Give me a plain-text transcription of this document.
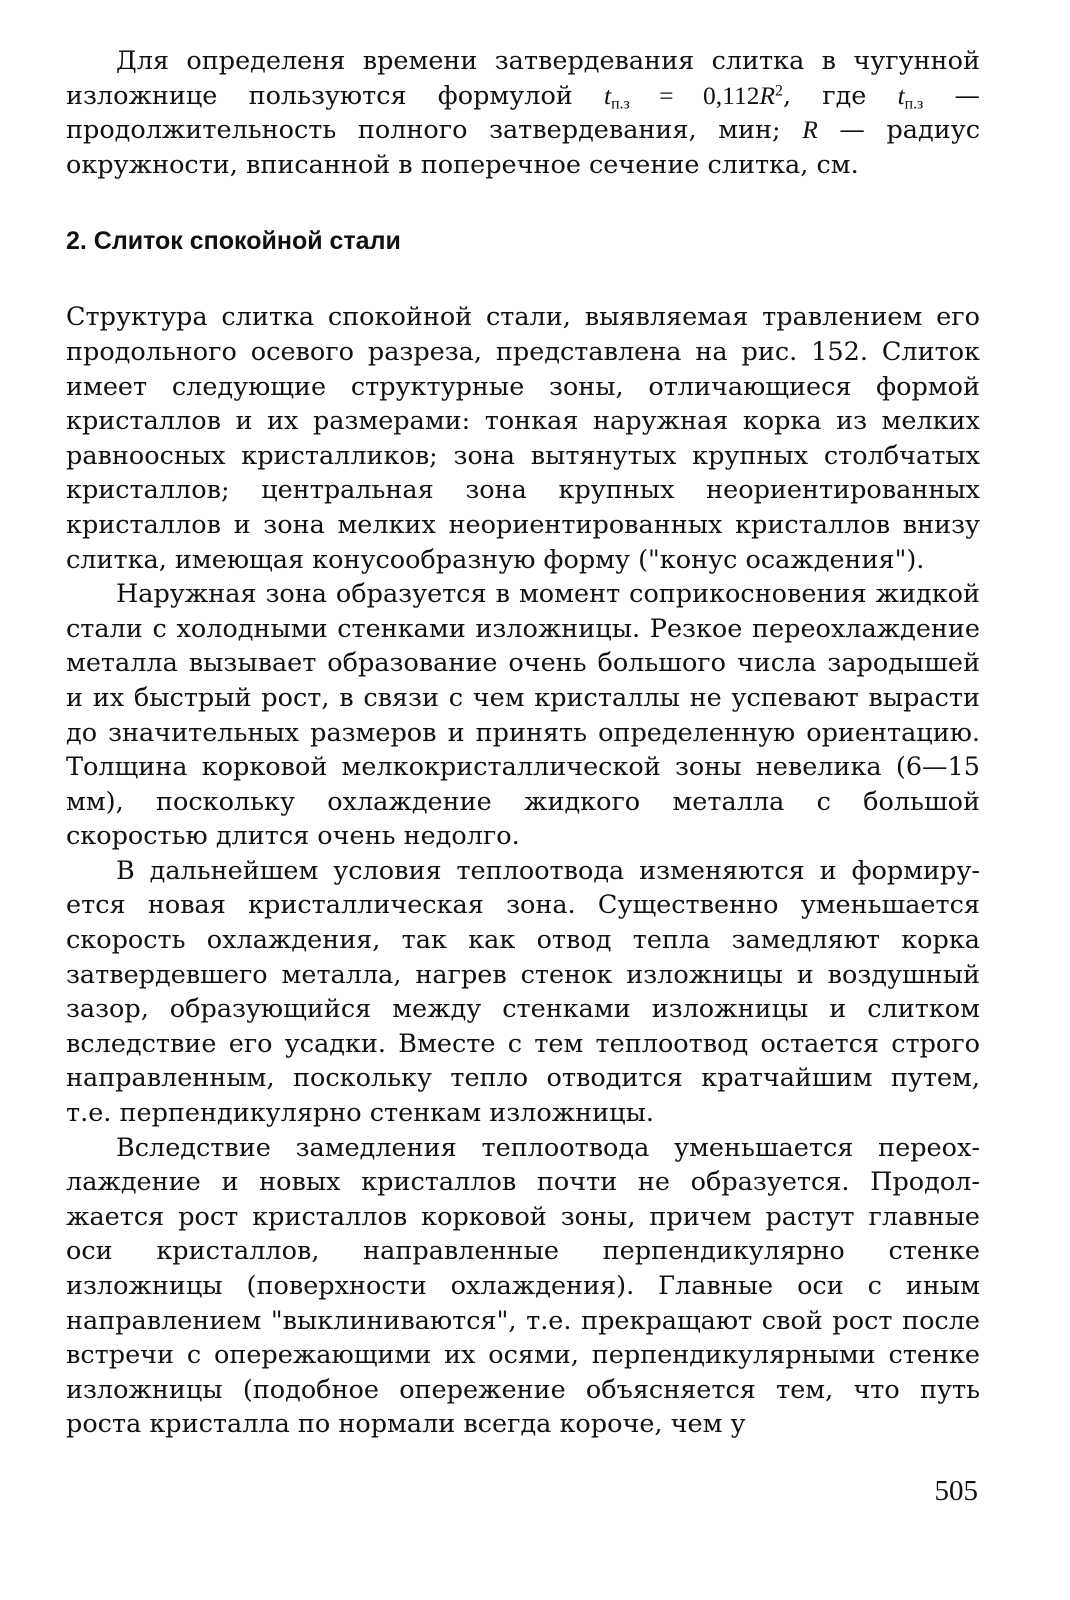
Для определеня времени затвердевания слитка в чугунной изложнице пользуются формулой $t_{п.з} = 0,112R^2$, где $t_{п.з}$ — продолжительность полного затвердевания, мин; R — радиус окружности, вписанной в поперечное сечение слитка, см.

2. Слиток спокойной стали

Структура слитка спокойной стали, выявляемая травлением его продольного осевого разреза, представлена на рис. 152. Слиток имеет следующие структурные зоны, отличающиеся формой кристаллов и их размерами: тонкая наружная корка из мелких равноосных кристалликов; зона вытянутых крупных столбчатых кристаллов; центральная зона крупных неориентированных кристаллов и зона мелких неориентированных кристаллов внизу слитка, имеющая конусообразную форму ("конус осаждения").

Наружная зона образуется в момент соприкосновения жидкой стали с холодными стенками изложницы. Резкое переохлаждение металла вызывает образование очень большого числа зародышей и их быстрый рост, в связи с чем кристаллы не успевают вырасти до значительных размеров и принять определенную ориентацию. Толщина корковой мелкокристаллической зоны невелика (6—15 мм), поскольку охлаждение жидкого металла с большой скоростью длится очень недолго.

В дальнейшем условия теплоотвода изменяются и формируется новая кристаллическая зона. Существенно уменьшается скорость охлаждения, так как отвод тепла замедляют корка затвердевшего металла, нагрев стенок изложницы и воздушный зазор, образующийся между стенками изложницы и слитком вследствие его усадки. Вместе с тем теплоотвод остается строго направленным, поскольку тепло отводится кратчайшим путем, т.е. перпендикулярно стенкам изложницы.

Вследствие замедления теплоотвода уменьшается переохлаждение и новых кристаллов почти не образуется. Продолжается рост кристаллов корковой зоны, причем растут главные оси кристаллов, направленные перпендикулярно стенке изложницы (поверхности охлаждения). Главные оси с иным направлением "выклиниваются", т.е. прекращают свой рост после встречи с опережающими их осями, перпендикулярными стенке изложницы (подобное опережение объясняется тем, что путь роста кристалла по нормали всегда короче, чем у

505
